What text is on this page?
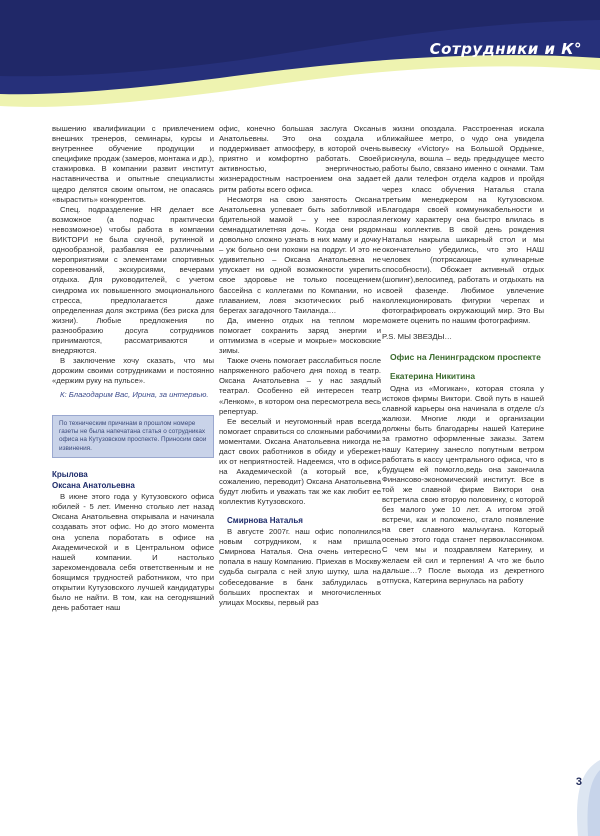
Сотрудники и К°

вышению квалификации с привлечением внешних тренеров, семинары, курсы и внутреннее обучение продукции и специфике продаж (замеров, монтажа и др.), стажировка. В компании развит институт наставничества и опытные специалисты щедро делятся своим опытом, не опасаясь «вырастить» конкурентов.

Спец. подразделение HR делает все возможное (а подчас практически невозможное) чтобы работа в компании ВИКТОРИ не была скучной, рутинной и однообразной, разбавляя ее различными мероприятиями с элементами спортивных соревнований, экскурсиями, вечерами отдыха. Для руководителей, с учетом синдрома их повышенного эмоционального стресса, предполагается даже определенная доля экстрима (без риска для жизни). Любые предложения по разнообразию досуга сотрудников принимаются, рассматриваются и внедряются.

В заключение хочу сказать, что мы дорожим своими сотрудниками и постоянно «держим руку на пульсе».

К: Благодарим Вас, Ирина, за интервью.

По техническим причинам в прошлом номере газеты не была напечатана статья о сотрудниках офиса на Кутузовском проспекте. Приносим свои извинения.
Крылова
Оксана Анатольевна

В июне этого года у Кутузовского офиса юбилей - 5 лет. Именно столько лет назад Оксана Анатольевна открывала и начинала создавать этот офис. Но до этого момента она успела поработать в офисе на Академической и в Центральном офисе нашей компании. И настолько зарекомендовала себя ответственным и не боящимся трудностей работником, что при открытии Кутузовского лучшей кандидатуры было не найти. В том, как на сегодняшний день работает наш

офис, конечно большая заслуга Оксаны Анатольевны. Это она создала и поддерживает атмосферу, в которой очень приятно и комфортно работать. Своей активностью, энергичностью, жизнерадостным настроением она задает ритм работы всего офиса.

Несмотря на свою занятость Оксана Анатольевна успевает быть заботливой и бдительной мамой – у нее взрослая семнадцатилетняя дочь. Когда они рядом довольно сложно узнать в них маму и дочку – уж больно они похожи на подруг. И это не удивительно – Оксана Анатольевна не упускает ни одной возможности укрепить свое здоровье не только посещением бассейна с коллегами по Компании, но и плаванием, ловя экзотических рыб на берегах загадочного Таиланда…

Да, именно отдых на теплом море помогает сохранить заряд энергии и оптимизма в «серые и мокрые» московские зимы.

Также очень помогает расслабиться после напряженного рабочего дня поход в театр. Оксана Анатольевна – у нас заядлый театрал. Особенно ей интересен театр «Ленком», в котором она пересмотрела весь репертуар.

Ее веселый и неугомонный нрав всегда помогает справиться со сложными рабочими моментами. Оксана Анатольевна никогда не даст своих работников в обиду и убережет их от неприятностей. Надеемся, что в офисе на Академической (а который все, к сожалению, переводит) Оксана Анатольевна будут любить и уважать так же как любит ее коллектив Кутузовского.

Смирнова Наталья

В августе 2007г. наш офис пополнился новым сотрудником, к нам пришла Смирнова Наталья. Она очень интересно попала в нашу Компанию. Приехав в Москву судьба сыграла с ней злую шутку, шла на собеседование в банк заблудилась в больших проспектах и многочисленных улицах Москвы, первый раз

в жизни опоздала. Расстроенная искала ближайшее метро, о чудо она увидела вывеску «Victory» на Большой Ордынке, рискнула, вошла – ведь предыдущее место работы было, связано именно с окнами. Там ей дали телефон отдела кадров и пройдя через класс обучения Наталья стала третьим менеджером на Кутузовском. Благодаря своей коммуникабельности и легкому характеру она быстро влилась в наш коллектив. В свой день рождения Наталья накрыла шикарный стол и мы окончательно убедились, что это НАШ человек (потрясающие кулинарные способности). Обожает активный отдых (шопинг),велосипед, работать и отдыхать на своей фазенде. Любимое увлечение коллекционировать фигурки черепах и фотографировать окружающий мир. Это Вы можете оценить по нашим фотографиям.

P.S. МЫ ЗВЕЗДЫ…

Офис на Ленинградском проспекте
Екатерина Никитина

Одна из «Могикан», которая стояла у истоков фирмы Виктори. Свой путь в нашей славной карьеры она начинала в отделе с/з жалюзи. Многие люди и организации должны быть благодарны нашей Катерине за грамотно оформленные заказы. Затем нашу Катерину занесло попутным ветром работать в кассу центрального офиса, что в будущем ей помогло,ведь она закончила Финансово-экономический институт. Все в той же славной фирме Виктори она встретила свою вторую половинку, с которой без малого уже 10 лет. А итогом этой встречи, как и положено, стало появление на свет славного мальчугана. Который осенью этого года станет первоклассником. С чем мы и поздравляем Катерину, и желаем ей сил и терпения! А что же было дальше…? После выхода из декретного отпуска, Катерина вернулась на работу

3
